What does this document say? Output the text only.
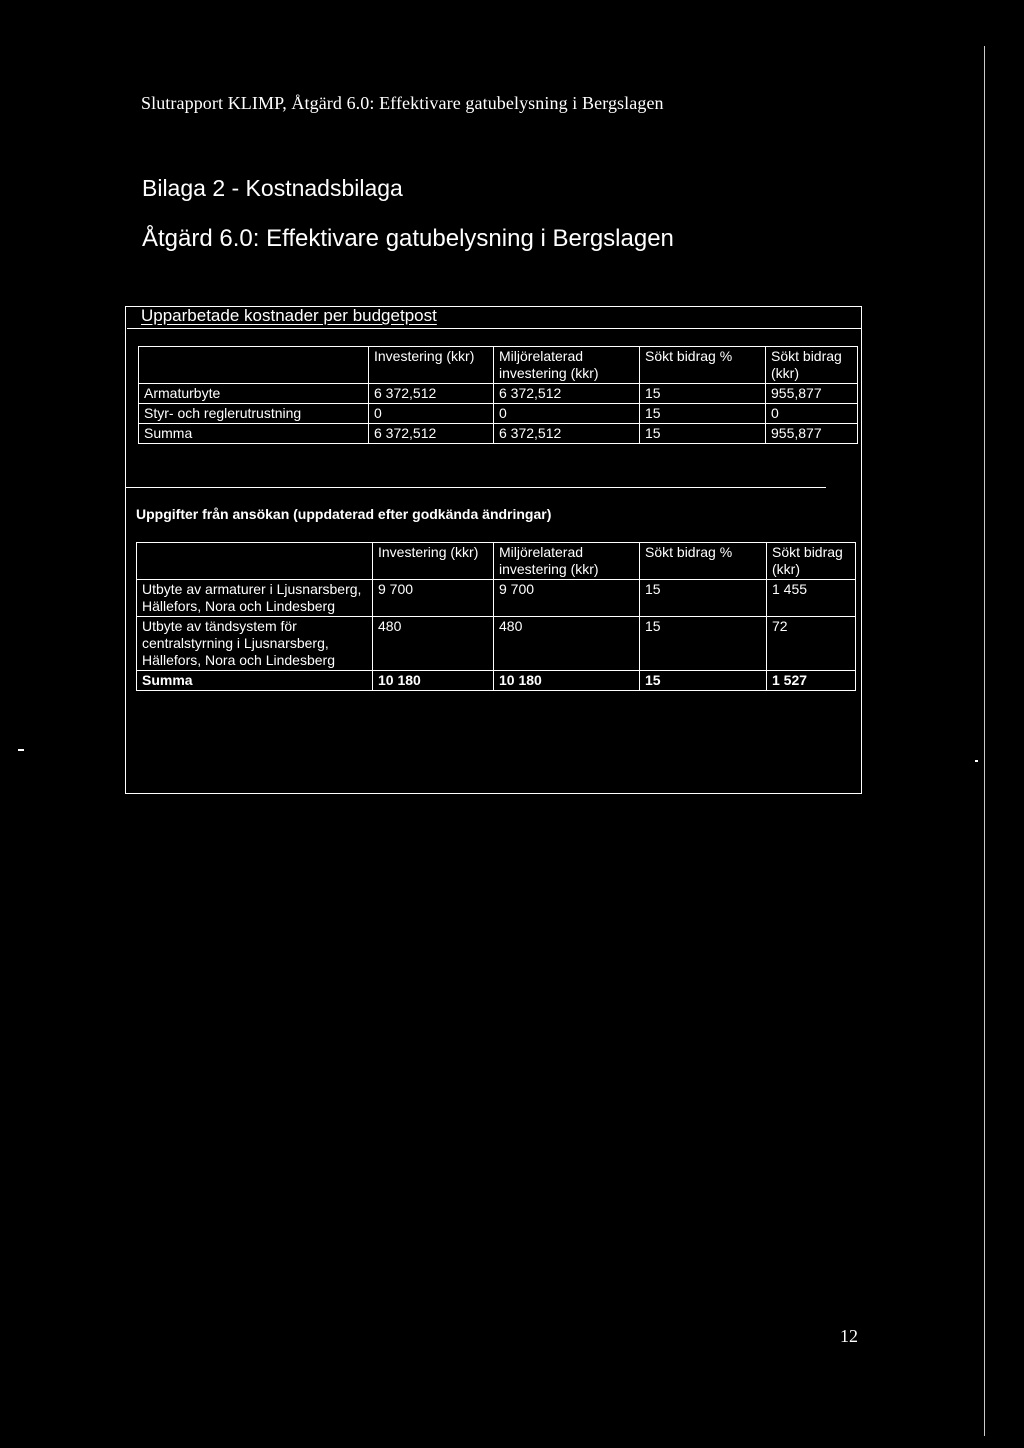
Slutrapport KLIMP, Åtgärd 6.0: Effektivare gatubelysning i Bergslagen
Bilaga 2 - Kostnadsbilaga
Åtgärd 6.0: Effektivare gatubelysning i Bergslagen
Upparbetade kostnader per budgetpost
	Investering (kkr)	Miljörelaterad investering (kkr)	Sökt bidrag %	Sökt bidrag (kkr)
Armaturbyte	6 372,512	6 372,512	15	955,877
Styr- och reglerutrustning	0	0	15	0
Summa	6 372,512	6 372,512	15	955,877
Uppgifter från ansökan (uppdaterad efter godkända ändringar)
	Investering (kkr)	Miljörelaterad investering (kkr)	Sökt bidrag %	Sökt bidrag (kkr)
Utbyte av armaturer i Ljusnarsberg, Hällefors, Nora och Lindesberg	9 700	9 700	15	1 455
Utbyte av tändsystem för centralstyrning i Ljusnarsberg, Hällefors, Nora och Lindesberg	480	480	15	72
Summa	10 180	10 180	15	1 527
12
